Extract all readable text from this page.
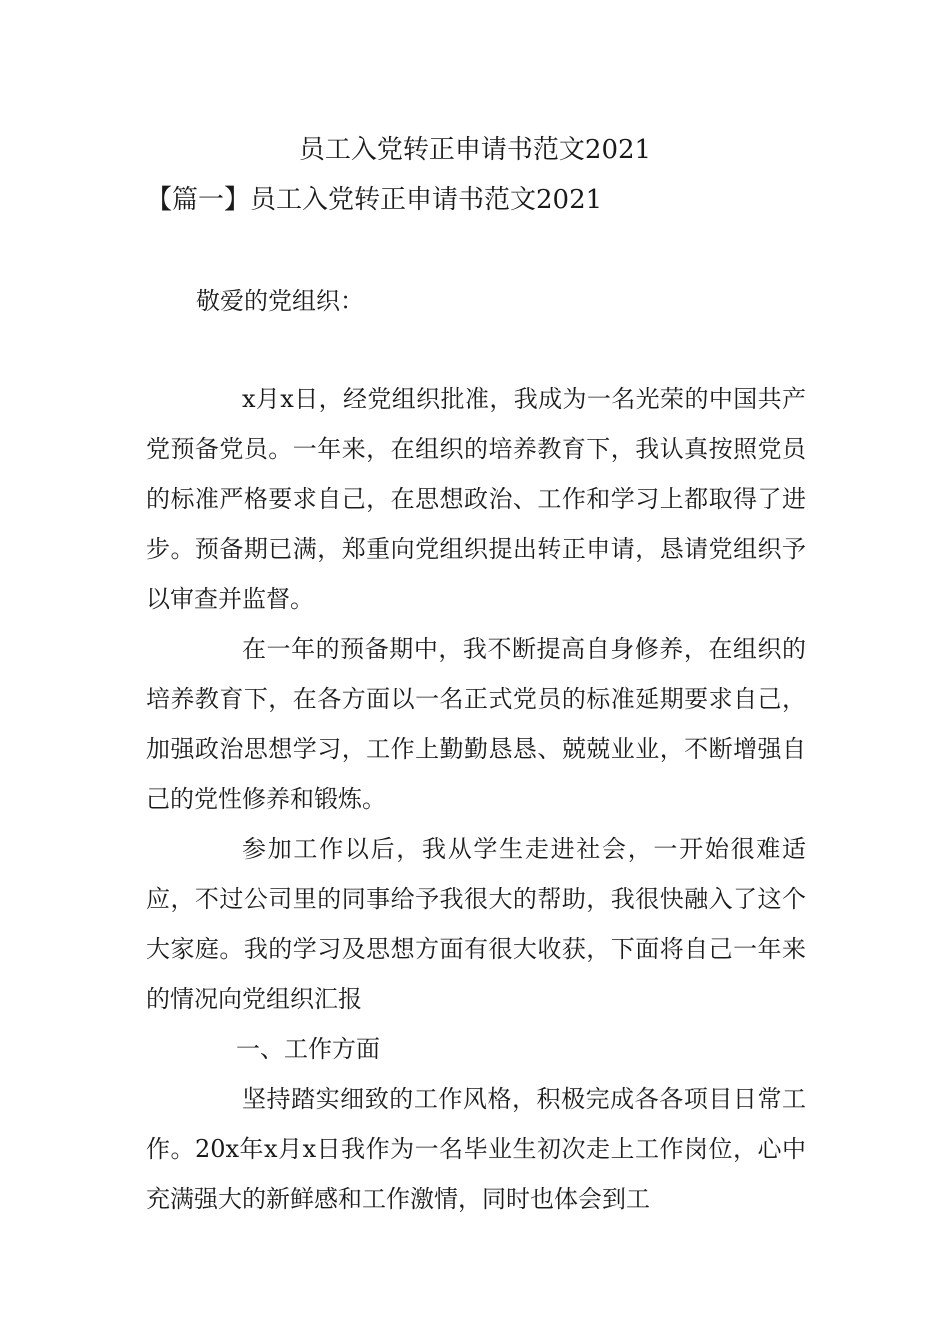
员工入党转正申请书范文2021
【篇一】员工入党转正申请书范文2021
敬爱的党组织：

x月x日，经党组织批准，我成为一名光荣的中国共产党预备党员。一年来，在组织的培养教育下，我认真按照党员的标准严格要求自己，在思想政治、工作和学习上都取得了进步。预备期已满，郑重向党组织提出转正申请，恳请党组织予以审查并监督。

在一年的预备期中，我不断提高自身修养，在组织的培养教育下，在各方面以一名正式党员的标准延期要求自己，加强政治思想学习，工作上勤勤恳恳、兢兢业业，不断增强自己的党性修养和锻炼。

参加工作以后，我从学生走进社会，一开始很难适应，不过公司里的同事给予我很大的帮助，我很快融入了这个大家庭。我的学习及思想方面有很大收获，下面将自己一年来的情况向党组织汇报

一、工作方面

坚持踏实细致的工作风格，积极完成各各项目日常工作。20x年x月x日我作为一名毕业生初次走上工作岗位，心中充满强大的新鲜感和工作激情，同时也体会到工
